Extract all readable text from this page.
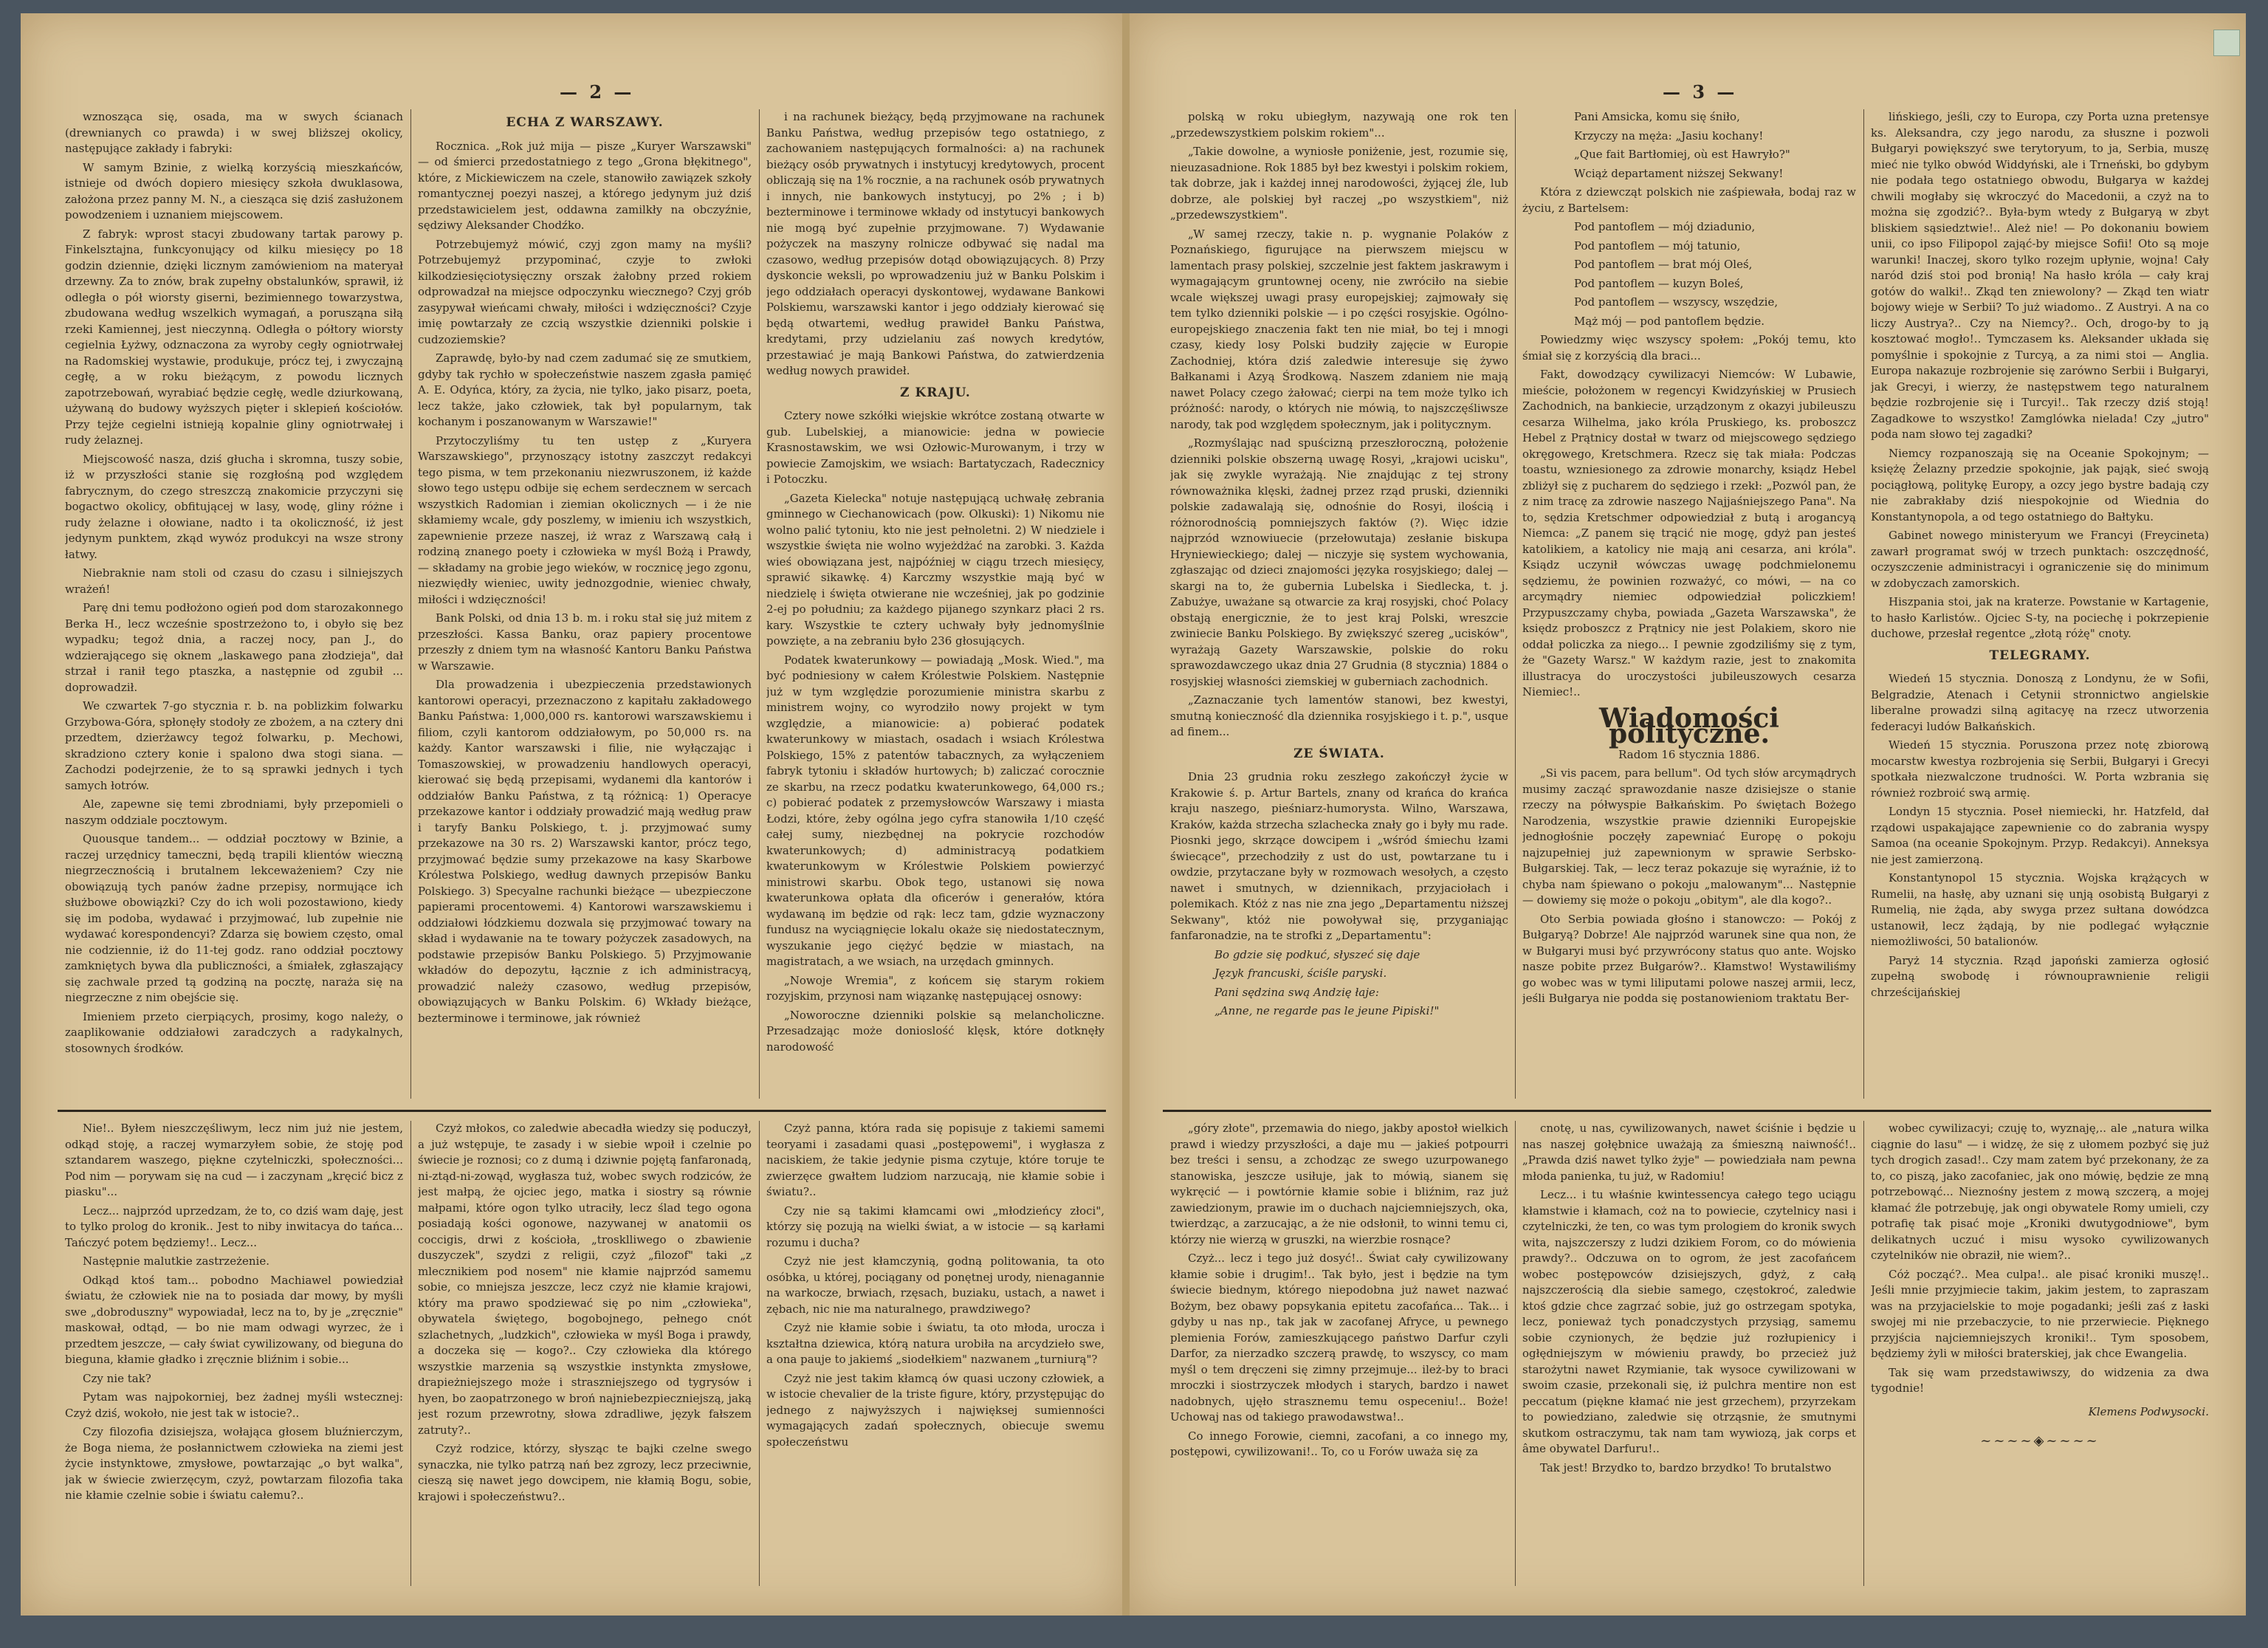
— 2 —

wznosząca się, osada, ma w swych ścianach (drewnianych co prawda) i w swej bliższej okolicy, następujące zakłady i fabryki:

W samym Bzinie, z wielką korzyścią mieszkańców, istnieje od dwóch dopiero miesięcy szkoła dwuklasowa, założona przez panny M. N., a ciesząca się dziś zasłużonem powodzeniem i uznaniem miejscowem.

Z fabryk: wprost stacyi zbudowany tartak parowy p. Finkelsztajna, funkcyonujący od kilku miesięcy po 18 godzin dziennie, dzięki licznym zamówieniom na materyał drzewny. Za to znów, brak zupełny obstalunków, sprawił, iż odległa o pół wiorsty giserni, bezimiennego towarzystwa, zbudowana według wszelkich wymagań, a porusząna siłą rzeki Kamiennej, jest nieczynną. Odległa o półtory wiorsty cegielnia Łyżwy, odznaczona za wyroby cegły ogniotrwałej na Radomskiej wystawie, produkuje, prócz tej, i zwyczajną cegłę, a w roku bieżącym, z powodu licznych zapotrzebowań, wyrabiać będzie cegłę, wedle dziurkowaną, używaną do budowy wyższych pięter i sklepień kościołów. Przy tejże cegielni istnieją kopalnie gliny ogniotrwałej i rudy żelaznej.

Miejscowość nasza, dziś głucha i skromna, tuszy sobie, iż w przyszłości stanie się rozgłośną pod względem fabrycznym, do czego streszczą znakomicie przyczyni się bogactwo okolicy, obfitującej w lasy, wodę, gliny różne i rudy żelazne i ołowiane, nadto i ta okoliczność, iż jest jedynym punktem, zkąd wywóz produkcyi na wsze strony łatwy.

Niebraknie nam stoli od czasu do czasu i silniejszych wrażeń!

Parę dni temu podłożono ogień pod dom starozakonnego Berka H., lecz wcześnie spostrzeżono to, i obyło się bez wypadku; tegoż dnia, a raczej nocy, pan J., do wdzierającego się oknem „laskawego pana złodzieja", dał strzał i ranił tego ptaszka, a następnie od zgubił ... doprowadził.

We czwartek 7-go stycznia r. b. na poblizkim folwarku Grzybowa-Góra, spłonęły stodoły ze zbożem, a na cztery dni przedtem, dzierżawcy tegoż folwarku, p. Mechowi, skradziono cztery konie i spalono dwa stogi siana. — Zachodzi podejrzenie, że to są sprawki jednych i tych samych łotrów.

Ale, zapewne się temi zbrodniami, były przepomieli o naszym oddziale pocztowym.

Quousque tandem... — oddział pocztowy w Bzinie, a raczej urzędnicy tameczni, będą trapili klientów wieczną niegrzecznością i brutalnem lekceważeniem? Czy nie obowiązują tych panów żadne przepisy, normujące ich służbowe obowiązki? Czy do ich woli pozostawiono, kiedy się im podoba, wydawać i przyjmować, lub zupełnie nie wydawać korespondencyi? Zdarza się bowiem często, omal nie codziennie, iż do 11-tej godz. rano oddział pocztowy zamkniętych bywa dla publiczności, a śmiałek, zgłaszający się zachwale przed tą godziną na pocztę, naraża się na niegrzeczne z nim obejście się.

Imieniem przeto cierpiących, prosimy, kogo należy, o zaaplikowanie oddziałowi zaradczych a radykalnych, stosownych środków.

ECHA Z WARSZAWY.

Rocznica. „Rok już mija — pisze „Kuryer Warszawski" — od śmierci przedostatniego z tego „Grona błękitnego", które, z Mickiewiczem na czele, stanowiło zawiązek szkoły romantycznej poezyi naszej, a którego jedynym już dziś przedstawicielem jest, oddawna zamilkły na obczyźnie, sędziwy Aleksander Chodźko.

Potrzebujemyż mówić, czyj zgon mamy na myśli? Potrzebujemyż przypominać, czyje to zwłoki kilkodziesięciotysięczny orszak żałobny przed rokiem odprowadzał na miejsce odpoczynku wiecznego? Czyj grób zasypywał wieńcami chwały, miłości i wdzięczności? Czyje imię powtarzały ze czcią wszystkie dzienniki polskie i cudzoziemskie?

Zaprawdę, było-by nad czem zadumać się ze smutkiem, gdyby tak rychło w społeczeństwie naszem zgasła pamięć A. E. Odyńca, który, za życia, nie tylko, jako pisarz, poeta, lecz także, jako człowiek, tak był popularnym, tak kochanym i poszanowanym w Warszawie!"

Przytoczyliśmy tu ten ustęp z „Kuryera Warszawskiego", przynoszący istotny zaszczyt redakcyi tego pisma, w tem przekonaniu niezwruszonem, iż każde słowo tego ustępu odbije się echem serdecznem w sercach wszystkich Radomian i ziemian okolicznych — i że nie skłamiemy wcale, gdy poszlemy, w imieniu ich wszystkich, zapewnienie przeze naszej, iż wraz z Warszawą całą i rodziną znanego poety i człowieka w myśl Bożą i Prawdy, — składamy na grobie jego wieków, w rocznicę jego zgonu, niezwiędły wieniec, uwity jednozgodnie, wieniec chwały, miłości i wdzięczności!

Bank Polski, od dnia 13 b. m. i roku stał się już mitem z przeszłości. Kassa Banku, oraz papiery procentowe przeszły z dniem tym na własność Kantoru Banku Państwa w Warszawie.

Dla prowadzenia i ubezpieczenia przedstawionych kantorowi operacyi, przeznaczono z kapitału zakładowego Banku Państwa: 1,000,000 rs. kantorowi warszawskiemu i filiom, czyli kantorom oddziałowym, po 50,000 rs. na każdy. Kantor warszawski i filie, nie wyłączając i Tomaszowskiej, w prowadzeniu handlowych operacyi, kierować się będą przepisami, wydanemi dla kantorów i oddziałów Banku Państwa, z tą różnicą: 1) Operacye przekazowe kantor i oddziały prowadzić mają według praw i taryfy Banku Polskiego, t. j. przyjmować sumy przekazowe na 30 rs. 2) Warszawski kantor, prócz tego, przyjmować będzie sumy przekazowe na kasy Skarbowe Królestwa Polskiego, według dawnych przepisów Banku Polskiego. 3) Specyalne rachunki bieżące — ubezpieczone papierami procentowemi. 4) Kantorowi warszawskiemu i oddziałowi łódzkiemu dozwala się przyjmować towary na skład i wydawanie na te towary pożyczek zasadowych, na podstawie przepisów Banku Polskiego. 5) Przyjmowanie wkładów do depozytu, łącznie z ich administracyą, prowadzić należy czasowo, według przepisów, obowiązujących w Banku Polskim. 6) Wkłady bieżące, bezterminowe i terminowe, jak również

i na rachunek bieżący, będą przyjmowane na rachunek Banku Państwa, według przepisów tego ostatniego, z zachowaniem następujących formalności: a) na rachunek bieżący osób prywatnych i instytucyj kredytowych, procent obliczają się na 1% rocznie, a na rachunek osób prywatnych i innych, nie bankowych instytucyj, po 2% ; i b) bezterminowe i terminowe wkłady od instytucyi bankowych nie mogą być zupełnie przyjmowane. 7) Wydawanie pożyczek na maszyny rolnicze odbywać się nadal ma czasowo, według przepisów dotąd obowiązujących. 8) Przy dyskoncie weksli, po wprowadzeniu już w Banku Polskim i jego oddziałach operacyi dyskontowej, wydawane Bankowi Polskiemu, warszawski kantor i jego oddziały kierować się będą otwartemi, według prawideł Banku Państwa, kredytami, przy udzielaniu zaś nowych kredytów, przestawiać je mają Bankowi Państwa, do zatwierdzenia według nowych prawideł.

Z KRAJU.

Cztery nowe szkółki wiejskie wkrótce zostaną otwarte w gub. Lubelskiej, a mianowicie: jedna w powiecie Krasnostawskim, we wsi Ozłowic-Murowanym, i trzy w powiecie Zamojskim, we wsiach: Bartatyczach, Radecznicy i Potoczku.

„Gazeta Kielecka" notuje następującą uchwałę zebrania gminnego w Ciechanowicach (pow. Olkuski): 1) Nikomu nie wolno palić tytoniu, kto nie jest pełnoletni. 2) W niedziele i wszystkie święta nie wolno wyjeżdżać na zarobki. 3. Każda wieś obowiązana jest, najpóźniej w ciągu trzech miesięcy, sprawić sikawkę. 4) Karczmy wszystkie mają być w niedzielę i święta otwierane nie wcześniej, jak po godzinie 2-ej po południu; za każdego pijanego szynkarz płaci 2 rs. kary. Wszystkie te cztery uchwały były jednomyślnie powzięte, a na zebraniu było 236 głosujących.

Podatek kwaterunkowy — powiadają „Mosk. Wied.", ma być podniesiony w całem Królestwie Polskiem. Następnie już w tym względzie porozumienie ministra skarbu z ministrem wojny, co wyrodziło nowy projekt w tym względzie, a mianowicie: a) pobierać podatek kwaterunkowy w miastach, osadach i wsiach Królestwa Polskiego, 15% z patentów tabacznych, za wyłączeniem fabryk tytoniu i składów hurtowych; b) zaliczać corocznie ze skarbu, na rzecz podatku kwaterunkowego, 64,000 rs.; c) pobierać podatek z przemysłowców Warszawy i miasta Łodzi, które, żeby ogólna jego cyfra stanowiła 1/10 część całej sumy, niezbędnej na pokrycie rozchodów kwaterunkowych; d) administracyą podatkiem kwaterunkowym w Królestwie Polskiem powierzyć ministrowi skarbu. Obok tego, ustanowi się nowa kwaterunkowa opłata dla oficerów i generałów, która wydawaną im będzie od rąk: lecz tam, gdzie wyznaczony fundusz na wyciągnięcie lokalu okaże się niedostatecznym, wyszukanie jego ciężyć będzie w miastach, na magistratach, a we wsiach, na urzędach gminnych.

„Nowoje Wremia", z końcem się starym rokiem rozyjskim, przynosi nam wiązankę następującej osnowy:

„Noworoczne dzienniki polskie są melancholiczne. Przesadzając może donioslość klęsk, które dotknęły narodowość

Nie!.. Byłem nieszczęśliwym, lecz nim już nie jestem, odkąd stoję, a raczej wymarzyłem sobie, że stoję pod sztandarem waszego, piękne czytelniczki, społeczności... Pod nim — porywam się na cud — i zaczynam „kręcić bicz z piasku"...

Lecz... najprzód uprzedzam, że to, co dziś wam daję, jest to tylko prolog do kronik.. Jest to niby inwitacya do tańca... Tańczyć potem będziemy!.. Lecz...

Następnie malutkie zastrzeżenie.

Odkąd ktoś tam... pobodno Machiawel powiedział światu, że człowiek nie na to posiada dar mowy, by myśli swe „dobroduszny" wypowiadał, lecz na to, by je „zręcznie" maskował, odtąd, — bo nie mam odwagi wyrzec, że i przedtem jeszcze, — cały świat cywilizowany, od bieguna do bieguna, kłamie gładko i zręcznie bliźnim i sobie...

Czy nie tak?

Pytam was najpokorniej, bez żadnej myśli wstecznej: Czyż dziś, wokoło, nie jest tak w istocie?..

Czy filozofia dzisiejsza, wołająca głosem bluźnierczym, że Boga niema, że posłannictwem człowieka na ziemi jest życie instynktowe, zmysłowe, powtarzając „o byt walka", jak w świecie zwierzęcym, czyż, powtarzam filozofia taka nie kłamie czelnie sobie i światu całemu?..

Czyż młokos, co zaledwie abecadła wiedzy się poduczył, a już wstępuje, te zasady i w siebie wpoił i czelnie po świecie je roznosi; co z dumą i dziwnie pojętą fanfaronadą, ni-ztąd-ni-zowąd, wygłasza tuż, wobec swych rodziców, że jest małpą, że ojciec jego, matka i siostry są równie małpami, które ogon tylko utraciły, lecz ślad tego ogona posiadają kości ogonowe, nazywanej w anatomii os coccigis, drwi z kościoła, „trosklliwego o zbawienie duszyczek", szydzi z religii, czyż „filozof" taki „z mlecznikiem pod nosem" nie kłamie najprzód samemu sobie, co mniejsza jeszcze, lecz czyż nie kłamie krajowi, który ma prawo spodziewać się po nim „człowieka", obywatela świętego, bogobojnego, pełnego cnót szlachetnych, „ludzkich", człowieka w myśl Boga i prawdy, a doczeka się — kogo?.. Czy człowieka dla którego wszystkie marzenia są wszystkie instynkta zmysłowe, drapieżniejszego może i straszniejszego od tygrysów i hyen, bo zaopatrzonego w broń najniebezpieczniejszą, jaką jest rozum przewrotny, słowa zdradliwe, język fałszem zatruty?..

Czyż rodzice, którzy, słysząc te bajki czelne swego synaczka, nie tylko patrzą nań bez zgrozy, lecz przeciwnie, cieszą się nawet jego dowcipem, nie kłamią Bogu, sobie, krajowi i społeczeństwu?..

Czyż panna, która rada się popisuje z takiemi samemi teoryami i zasadami quasi „postępowemi", i wygłasza z naciskiem, że takie jedynie pisma czytuje, które toruje te zwierzęce gwałtem ludziom narzucają, nie kłamie sobie i światu?..

Czy nie są takimi kłamcami owi „młodzieńcy złoci", którzy się pozują na wielki świat, a w istocie — są karłami rozumu i ducha?

Czyż nie jest kłamczynią, godną politowania, ta oto osóbka, u której, pociągany od ponętnej urody, nienagannie na warkocze, brwiach, rzęsach, buziaku, ustach, a nawet i zębach, nic nie ma naturalnego, prawdziwego?

Czyż nie kłamie sobie i światu, ta oto młoda, urocza i kształtna dziewica, którą natura urobiła na arcydzieło swe, a ona pauje to jakiemś „siodełkiem" nazwanem „turniurą"?

Czyż nie jest takim kłamcą ów quasi uczony człowiek, a w istocie chevalier de la triste figure, który, przystępując do jednego z najwyższych i najwięksej sumienności wymagających zadań społecznych, obiecuje swemu społeczeństwu

— 3 —

polską w roku ubiegłym, nazywają one rok ten „przedewszystkiem polskim rokiem"...

„Takie dowolne, a wyniosłe poniżenie, jest, rozumie się, nieuzasadnione. Rok 1885 był bez kwestyi i polskim rokiem, tak dobrze, jak i każdej innej narodowości, żyjącej źle, lub dobrze, ale polskiej był raczej „po wszystkiem", niż „przedewszystkiem".

„W samej rzeczy, takie n. p. wygnanie Polaków z Poznańskiego, figurujące na pierwszem miejscu w lamentach prasy polskiej, szczelnie jest faktem jaskrawym i wymagającym gruntownej oceny, nie zwróciło na siebie wcale większej uwagi prasy europejskiej; zajmowały się tem tylko dzienniki polskie — i po części rosyjskie. Ogólno-europejskiego znaczenia fakt ten nie miał, bo tej i mnogi czasy, kiedy losy Polski budziły zajęcie w Europie Zachodniej, która dziś zaledwie interesuje się żywo Bałkanami i Azyą Środkową. Naszem zdaniem nie mają nawet Polacy czego żałować; cierpi na tem może tylko ich próżność: narody, o których nie mówią, to najszczęśliwsze narody, tak pod względem społecznym, jak i politycznym.

„Rozmyślając nad spuścizną przeszłoroczną, położenie dzienniki polskie obszerną uwagę Rosyi, „krajowi ucisku", jak się zwykle wyrażają. Nie znajdując z tej strony równoważnika klęski, żadnej przez rząd pruski, dzienniki polskie zadawalają się, odnośnie do Rosyi, ilością i różnorodnością pomniejszych faktów (?). Więc idzie najprzód wznowiuecie (przełowutaja) zesłanie biskupa Hryniewieckiego; dalej — niczyje się system wychowania, zgłaszając od dzieci znajomości języka rosyjskiego; dalej — skargi na to, że gubernia Lubelska i Siedlecka, t. j. Zabużye, uważane są otwarcie za kraj rosyjski, choć Polacy obstają energicznie, że to jest kraj Polski, wreszcie zwiniecie Banku Polskiego. By zwiększyć szereg „ucisków", wyrażają Gazety Warszawskie, polskie do roku sprawozdawczego ukaz dnia 27 Grudnia (8 stycznia) 1884 o rosyjskiej własności ziemskiej w guberniach zachodnich.

„Zaznaczanie tych lamentów stanowi, bez kwestyi, smutną konieczność dla dziennika rosyjskiego i t. p.", usque ad finem...

ZE ŚWIATA.

Dnia 23 grudnia roku zeszłego zakończył życie w Krakowie ś. p. Artur Bartels, znany od krańca do krańca kraju naszego, pieśniarz-humorysta. Wilno, Warszawa, Kraków, każda strzecha szlachecka znały go i były mu rade. Piosnki jego, skrzące dowcipem i „wśród śmiechu łzami świecące", przechodziły z ust do ust, powtarzane tu i owdzie, przytaczane były w rozmowach wesołych, a często nawet i smutnych, w dziennikach, przyjaciołach i polemikach. Któż z nas nie zna jego „Departamentu niższej Sekwany", któż nie powoływał się, przyganiając fanfaronadzie, na te strofki z „Departamentu":

Bo gdzie się podkuć, słyszeć się daje

Język francuski, ściśle paryski.

Pani sędzina swą Andzię łaje:

„Anne, ne regarde pas le jeune Pipiski!"

Pani Amsicka, komu się śniło,

Krzyczy na męża: „Jasiu kochany!

„Que fait Bartłomiej, où est Hawryło?"

Wciąż departament niższej Sekwany!

Która z dziewcząt polskich nie zaśpiewała, bodaj raz w życiu, z Bartelsem:

Pod pantoflem — mój dziadunio,

Pod pantoflem — mój tatunio,

Pod pantoflem — brat mój Oleś,

Pod pantoflem — kuzyn Boleś,

Pod pantoflem — wszyscy, wszędzie,

Mąż mój — pod pantoflem będzie.

Powiedzmy więc wszyscy społem: „Pokój temu, kto śmiał się z korzyścią dla braci...

Fakt, dowodzący cywilizacyi Niemców: W Lubawie, mieście, położonem w regencyi Kwidzyńskiej w Prusiech Zachodnich, na bankiecie, urządzonym z okazyi jubileuszu cesarza Wilhelma, jako króla Pruskiego, ks. proboszcz Hebel z Prątnicy dostał w twarz od miejscowego sędziego okręgowego, Kretschmera. Rzecz się tak miała: Podczas toastu, wzniesionego za zdrowie monarchy, ksiądz Hebel zbliżył się z pucharem do sędziego i rzekł: „Pozwól pan, że z nim tracę za zdrowie naszego Najjaśniejszego Pana". Na to, sędzia Kretschmer odpowiedział z butą i arogancyą Niemca: „Z panem się trącić nie mogę, gdyż pan jesteś katolikiem, a katolicy nie mają ani cesarza, ani króla". Ksiądz uczynił wówczas uwagę podchmielonemu sędziemu, że powinien rozważyć, co mówi, — na co arcymądry niemiec odpowiedział policzkiem! Przypuszczamy chyba, powiada „Gazeta Warszawska", że księdz proboszcz z Prątnicy nie jest Polakiem, skoro nie oddał policzka za niego... I pewnie zgodziliśmy się z tym, że "Gazety Warsz." W każdym razie, jest to znakomita illustracya do uroczystości jubileuszowych cesarza Niemiec!..

Wiadomości polityczne.

Radom 16 stycznia 1886.

„Si vis pacem, para bellum". Od tych słów arcymądrych musimy zacząć sprawozdanie nasze dzisiejsze o stanie rzeczy na półwyspie Bałkańskim. Po świętach Bożego Narodzenia, wszystkie prawie dzienniki Europejskie jednogłośnie poczęły zapewniać Europę o pokoju najzupełniej już zapewnionym w sprawie Serbsko-Bułgarskiej. Tak, — lecz teraz pokazuje się wyraźnie, iż to chyba nam śpiewano o pokoju „malowanym"... Następnie — dowiemy się może o pokoju „obitym", ale dla kogo?..

Oto Serbia powiada głośno i stanowczo: — Pokój z Bułgaryą? Dobrze! Ale najprzód warunek sine qua non, że w Bułgaryi musi być przywrócony status quo ante. Wojsko nasze pobite przez Bułgarów?.. Kłamstwo! Wystawiliśmy go wobec was w tymi liliputami polowe naszej armii, lecz, jeśli Bułgarya nie podda się postanowieniom traktatu Ber-

lińskiego, jeśli, czy to Europa, czy Porta uzna pretensye ks. Aleksandra, czy jego narodu, za słuszne i pozwoli Bułgaryi powiększyć swe terytoryum, to ja, Serbia, muszę mieć nie tylko obwód Widdyński, ale i Trneński, bo gdybym nie podała tego ostatniego obwodu, Bułgarya w każdej chwili mogłaby się wkroczyć do Macedonii, a czyż na to można się zgodzić?.. Była-bym wtedy z Bułgaryą w zbyt bliskiem sąsiedztwie!.. Ależ nie! — Po dokonaniu bowiem unii, co ipso Filipopol zająć-by miejsce Sofii! Oto są moje warunki! Inaczej, skoro tylko rozejm upłynie, wojna! Cały naród dziś stoi pod bronią! Na hasło króla — cały kraj gotów do walki!.. Zkąd ten zniewolony? — Zkąd ten wiatr bojowy wieje w Serbii? To już wiadomo.. Z Austryi. A na co liczy Austrya?.. Czy na Niemcy?.. Och, drogo-by to ją kosztować mogło!.. Tymczasem ks. Aleksander układa się pomyślnie i spokojnie z Turcyą, a za nimi stoi — Anglia. Europa nakazuje rozbrojenie się zarówno Serbii i Bułgaryi, jak Grecyi, i wierzy, że następstwem tego naturalnem będzie rozbrojenie się i Turcyi!.. Tak rzeczy dziś stoją! Zagadkowe to wszystko! Zamglówka nielada! Czy „jutro" poda nam słowo tej zagadki?

Niemcy rozpanoszają się na Oceanie Spokojnym; — księżę Żelazny przedzie spokojnie, jak pająk, sieć swoją pociągłową, politykę Europy, a ozcy jego bystre badają czy nie zabrakłaby dziś niespokojnie od Wiednia do Konstantynopola, a od tego ostatniego do Bałtyku.

Gabinet nowego ministeryum we Francyi (Freycineta) zawarł programat swój w trzech punktach: oszczędność, oczyszczenie administracyi i ograniczenie się do minimum w zdobyczach zamorskich.

Hiszpania stoi, jak na kraterze. Powstanie w Kartagenie, to hasło Karlistów.. Ojciec S-ty, na pociechę i pokrzepienie duchowe, przesłał regentce „złotą różę" cnoty.

TELEGRAMY.

Wiedeń 15 stycznia. Donoszą z Londynu, że w Sofii, Belgradzie, Atenach i Cetynii stronnictwo angielskie liberalne prowadzi silną agitacyę na rzecz utworzenia federacyi ludów Bałkańskich.

Wiedeń 15 stycznia. Poruszona przez notę zbiorową mocarstw kwestya rozbrojenia się Serbii, Bułgaryi i Grecyi spotkała niezwalczone trudności. W. Porta wzbrania się również rozbroić swą armię.

Londyn 15 stycznia. Poseł niemiecki, hr. Hatzfeld, dał rządowi uspakajające zapewnienie co do zabrania wyspy Samoa (na oceanie Spokojnym. Przyp. Redakcyi). Anneksya nie jest zamierzoną.

Konstantynopol 15 stycznia. Wojska krążących w Rumelii, na hasłę, aby uznani się unją osobistą Bułgaryi z Rumelią, nie żąda, aby swyga przez sułtana dowódzca ustanowił, lecz żądają, by nie podlegać wyłącznie niemożliwości, 50 batalionów.

Paryż 14 stycznia. Rząd japoński zamierza ogłosić zupełną swobodę i równouprawnienie religii chrześcijańskiej

„góry złote", przemawia do niego, jakby apostoł wielkich prawd i wiedzy przyszłości, a daje mu — jakieś potpourri bez treści i sensu, a zchodząc ze swego uzurpowanego stanowiska, jeszcze usiłuje, jak to mówią, sianem się wykręcić — i powtórnie kłamie sobie i bliźnim, raz już zawiedzionym, prawie im o duchach najciemniejszych, oka, twierdząc, a zarzucając, a że nie odsłonił, to winni temu ci, którzy nie wierzą w gruszki, na wierzbie rosnące?

Czyż... lecz i tego już dosyć!.. Świat cały cywilizowany kłamie sobie i drugim!.. Tak było, jest i będzie na tym świecie biednym, którego niepodobna już nawet nazwać Bożym, bez obawy popsykania epitetu zacofańca... Tak... i gdyby u nas np., tak jak w zacofanej Afryce, u pewnego plemienia Forów, zamieszkującego państwo Darfur czyli Darfor, za nierzadko szczerą prawdę, to wszyscy, co mam myśl o tem dręczeni się zimny przejmuje... ileż-by to braci mroczki i siostrzyczek młodych i starych, bardzo i nawet nadobnych, ujęło strasznemu temu ospeceniu!.. Boże! Uchowaj nas od takiego prawodawstwa!..

Co innego Forowie, ciemni, zacofani, a co innego my, postępowi, cywilizowani!.. To, co u Forów uważa się za

cnotę, u nas, cywilizowanych, nawet ściśnie i będzie u nas naszej gołębnice uważają za śmieszną naiwność!.. „Prawda dziś nawet tylko żyje" — powiedziała nam pewna młoda panienka, tu już, w Radomiu!

Lecz... i tu właśnie kwintessencya całego tego uciągu kłamstwie i kłamach, coż na to powiecie, czytelnicy nasi i czytelniczki, że ten, co was tym prologiem do kronik swych wita, najszczerszy z ludzi dzikiem Forom, co do mówienia prawdy?.. Odczuwa on to ogrom, że jest zacofańcem wobec postępowców dzisiejszych, gdyż, z całą najszczerością dla siebie samego, częstokroć, zaledwie ktoś gdzie chce zagrzać sobie, już go ostrzegam spotyka, lecz, ponieważ tych ponadczystych przysiąg, samemu sobie czynionych, że będzie już rozłupienicy i ogłędniejszym w mówieniu prawdy, bo przecież już starożytni nawet Rzymianie, tak wysoce cywilizowani w swoim czasie, przekonali się, iż pulchra mentire non est peccatum (piękne kłamać nie jest grzechem), przyrzekam to powiedziano, zaledwie się otrząsnie, że smutnymi skutkom ostraczymu, tak nam tam wywiozą, jak corps et âme obywatel Darfuru!..

Tak jest! Brzydko to, bardzo brzydko! To brutalstwo

wobec cywilizacyi; czuję to, wyznaję,.. ale „natura wilka ciągnie do lasu" — i widzę, że się z ułomem pozbyć się już tych drogich zasad!.. Czy mam zatem być przekonany, że za to, co piszą, jako zacofaniec, jak ono mówię, będzie ze mną potrzebowąć... Nieznośny jestem z mową szczerą, a mojej kłamać źle potrzebuję, jak ongi obywatele Romy umieli, czy potrafię tak pisać moje „Kroniki dwutygodniowe", bym delikatnych uczuć i misu wysoko cywilizowanych czytelników nie obraził, nie wiem?..

Cóż począć?.. Mea culpa!.. ale pisać kroniki muszę!.. Jeśli mnie przyjmiecie takim, jakim jestem, to zapraszam was na przyjacielskie to moje pogadanki; jeśli zaś z łaski swojej mi nie przebaczycie, to nie przerwiecie. Pięknego przyjścia najciemniejszych kroniki!.. Tym sposobem, będziemy żyli w miłości braterskiej, jak chce Ewangelia.

Tak się wam przedstawiwszy, do widzenia za dwa tygodnie!

Klemens Podwysocki.

~~~~◈~~~~
